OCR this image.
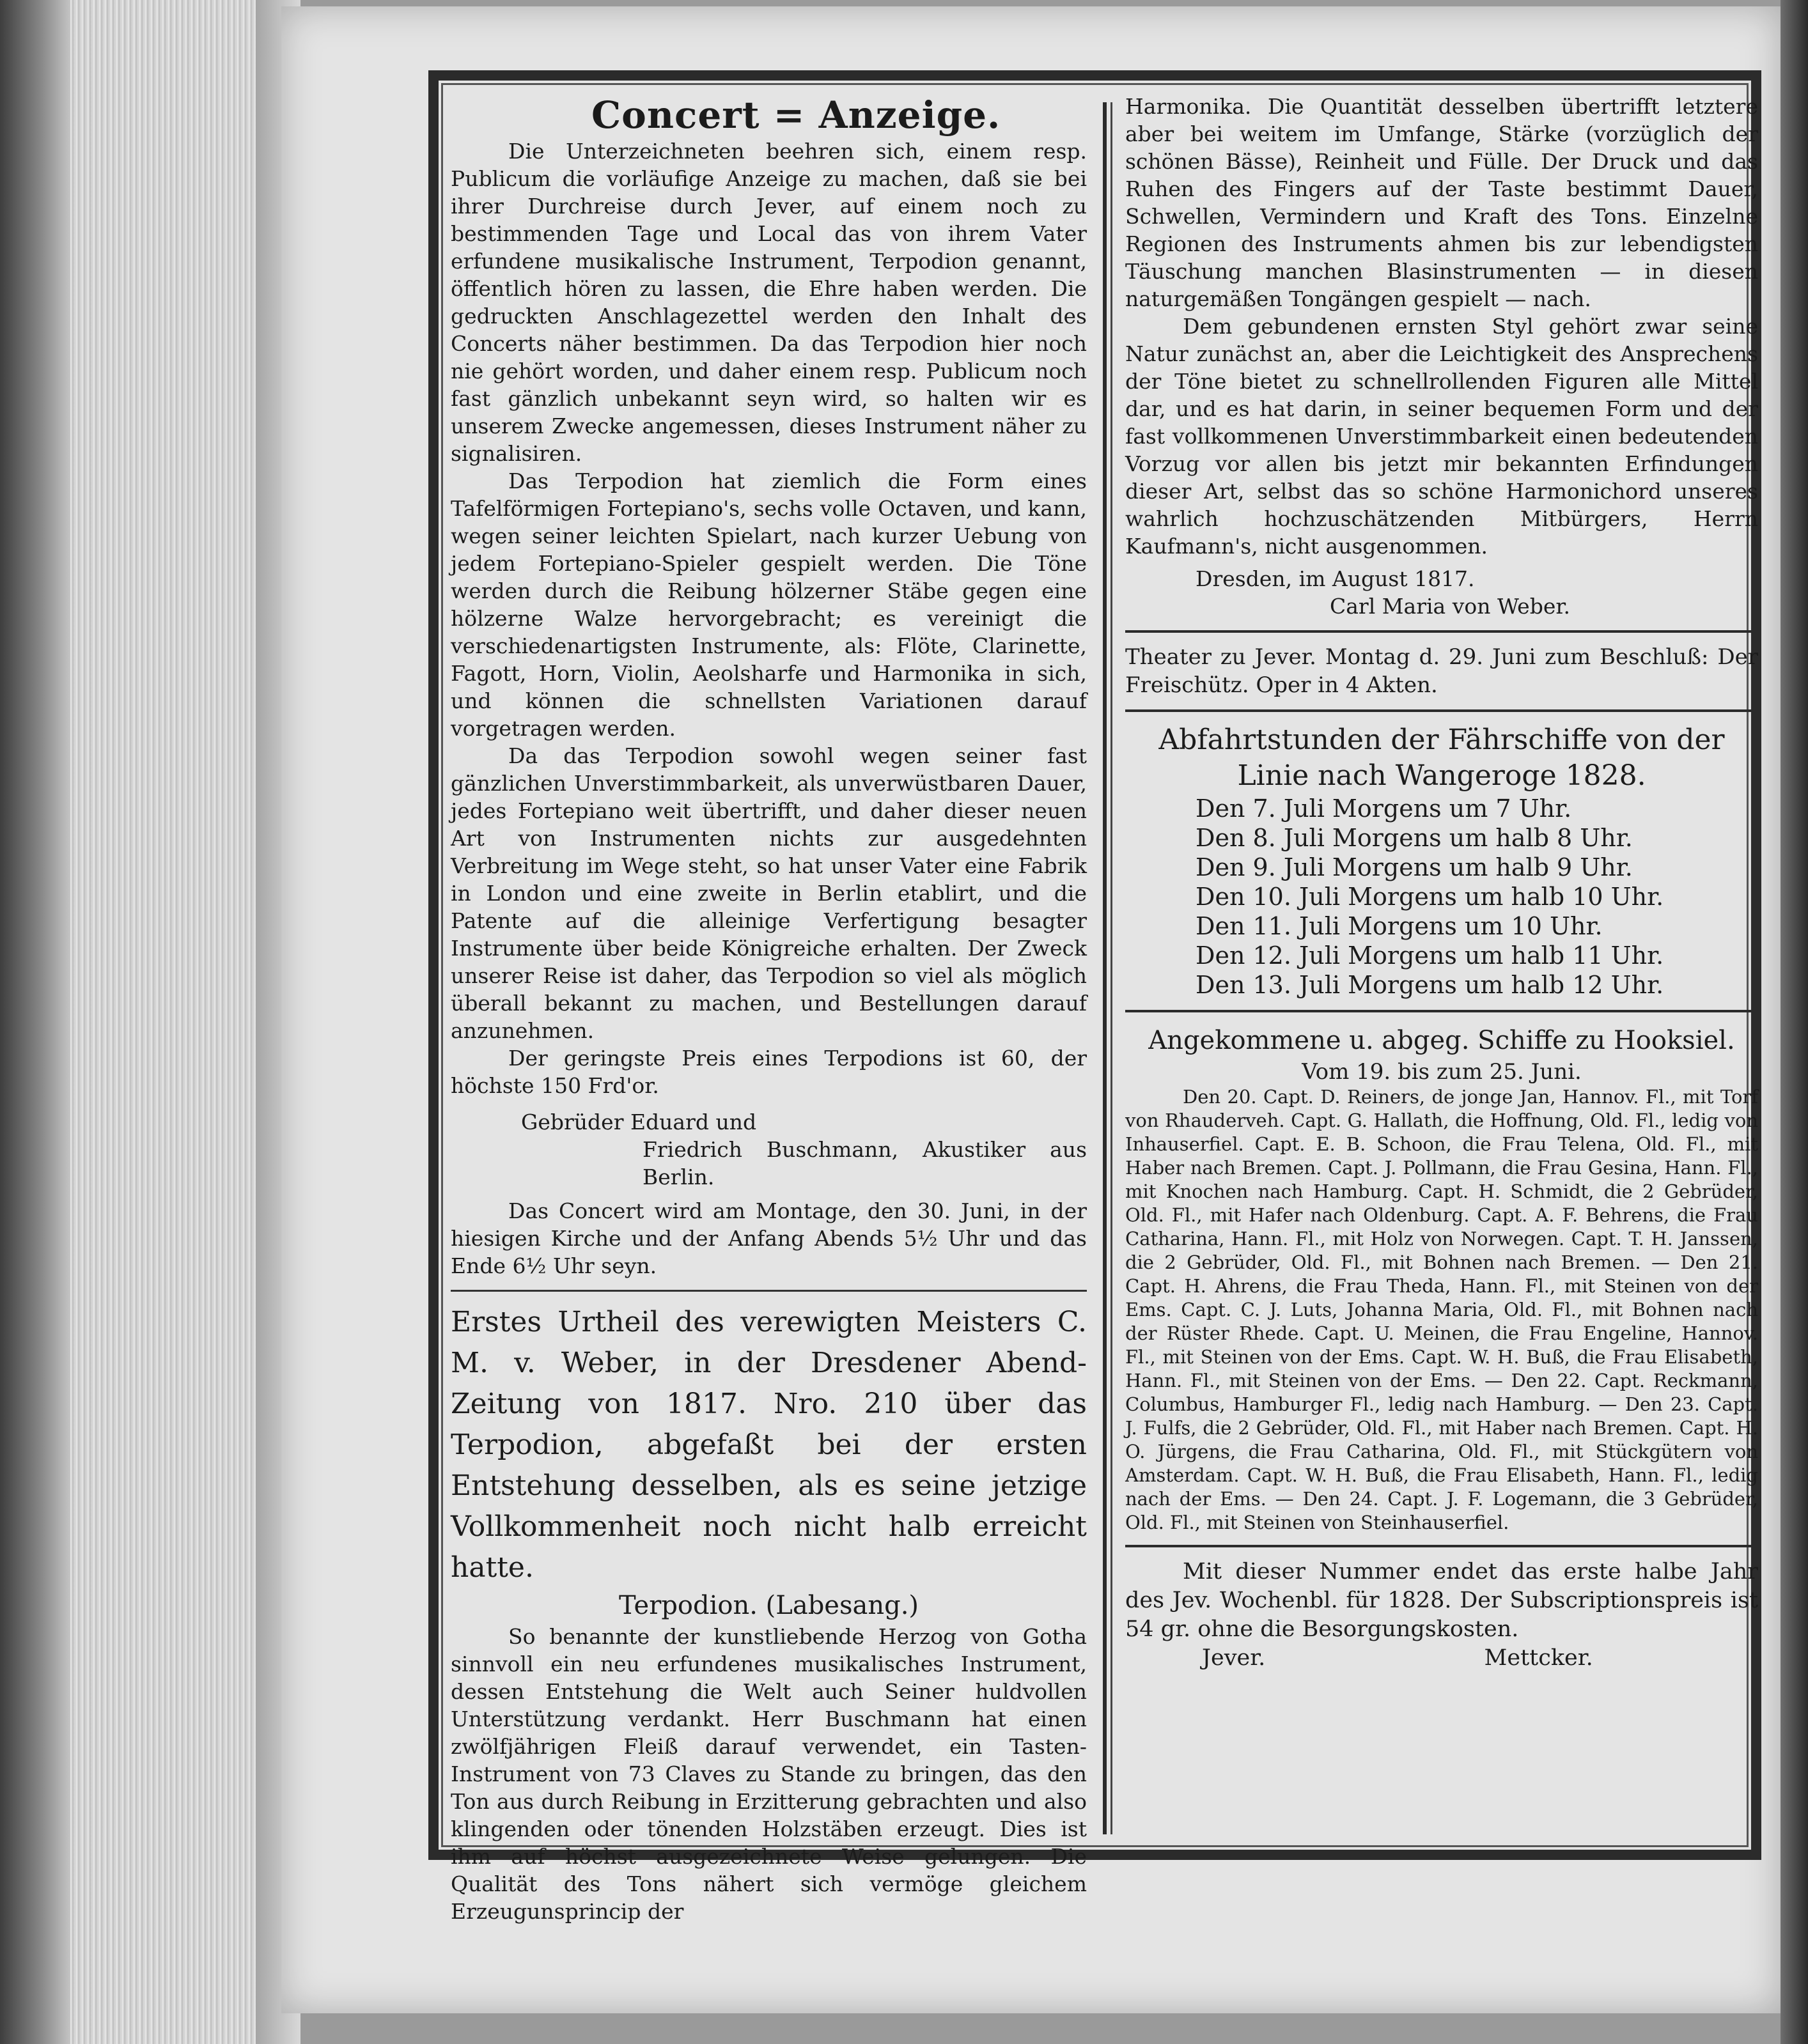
Concert = Anzeige.

Die Unterzeichneten beehren sich, einem resp. Publicum die vorläufige Anzeige zu machen, daß sie bei ihrer Durchreise durch Jever, auf einem noch zu bestimmenden Tage und Local das von ihrem Vater erfundene musikalische Instrument, Terpodion genannt, öffentlich hören zu lassen, die Ehre haben werden. Die gedruckten Anschlagezettel werden den Inhalt des Concerts näher bestimmen. Da das Terpodion hier noch nie gehört worden, und daher einem resp. Publicum noch fast gänzlich unbekannt seyn wird, so halten wir es unserem Zwecke angemessen, dieses Instrument näher zu signalisiren.

Das Terpodion hat ziemlich die Form eines Tafelförmigen Fortepiano's, sechs volle Octaven, und kann, wegen seiner leichten Spielart, nach kurzer Uebung von jedem Fortepiano-Spieler gespielt werden. Die Töne werden durch die Reibung hölzerner Stäbe gegen eine hölzerne Walze hervorgebracht; es vereinigt die verschiedenartigsten Instrumente, als: Flöte, Clarinette, Fagott, Horn, Violin, Aeolsharfe und Harmonika in sich, und können die schnellsten Variationen darauf vorgetragen werden.

Da das Terpodion sowohl wegen seiner fast gänzlichen Unverstimmbarkeit, als unverwüstbaren Dauer, jedes Fortepiano weit übertrifft, und daher dieser neuen Art von Instrumenten nichts zur ausgedehnten Verbreitung im Wege steht, so hat unser Vater eine Fabrik in London und eine zweite in Berlin etablirt, und die Patente auf die alleinige Verfertigung besagter Instrumente über beide Königreiche erhalten. Der Zweck unserer Reise ist daher, das Terpodion so viel als möglich überall bekannt zu machen, und Bestellungen darauf anzunehmen.

Der geringste Preis eines Terpodions ist 60, der höchste 150 Frd'or.

Gebrüder Eduard und

Friedrich Buschmann, Akustiker aus Berlin.

Das Concert wird am Montage, den 30. Juni, in der hiesigen Kirche und der Anfang Abends 5½ Uhr und das Ende 6½ Uhr seyn.

Erstes Urtheil des verewigten Meisters C. M. v. Weber, in der Dresdener Abend-Zeitung von 1817. Nro. 210 über das Terpodion, abgefaßt bei der ersten Entstehung desselben, als es seine jetzige Vollkommenheit noch nicht halb erreicht hatte.

Terpodion. (Labesang.)

So benannte der kunstliebende Herzog von Gotha sinnvoll ein neu erfundenes musikalisches Instrument, dessen Entstehung die Welt auch Seiner huldvollen Unterstützung verdankt. Herr Buschmann hat einen zwölfjährigen Fleiß darauf verwendet, ein Tasten-Instrument von 73 Claves zu Stande zu bringen, das den Ton aus durch Reibung in Erzitterung gebrachten und also klingenden oder tönenden Holzstäben erzeugt. Dies ist ihm auf höchst ausgezeichnete Weise gelungen. Die Qualität des Tons nähert sich vermöge gleichem Erzeugunsprincip der

Harmonika. Die Quantität desselben übertrifft letztere aber bei weitem im Umfange, Stärke (vorzüglich der schönen Bässe), Reinheit und Fülle. Der Druck und das Ruhen des Fingers auf der Taste bestimmt Dauer, Schwellen, Vermindern und Kraft des Tons. Einzelne Regionen des Instruments ahmen bis zur lebendigsten Täuschung manchen Blasinstrumenten — in diesen naturgemäßen Tongängen gespielt — nach.

Dem gebundenen ernsten Styl gehört zwar seine Natur zunächst an, aber die Leichtigkeit des Ansprechens der Töne bietet zu schnellrollenden Figuren alle Mittel dar, und es hat darin, in seiner bequemen Form und der fast vollkommenen Unverstimmbarkeit einen bedeutenden Vorzug vor allen bis jetzt mir bekannten Erfindungen dieser Art, selbst das so schöne Harmonichord unseres wahrlich hochzuschätzenden Mitbürgers, Herrn Kaufmann's, nicht ausgenommen.

Dresden, im August 1817.

Carl Maria von Weber.

Theater zu Jever. Montag d. 29. Juni zum Beschluß: Der Freischütz. Oper in 4 Akten.

Abfahrtstunden der Fährschiffe von der
Linie nach Wangeroge 1828.
Den 7. Juli Morgens um 7 Uhr.
Den 8. Juli Morgens um halb 8 Uhr.
Den 9. Juli Morgens um halb 9 Uhr.
Den 10. Juli Morgens um halb 10 Uhr.
Den 11. Juli Morgens um 10 Uhr.
Den 12. Juli Morgens um halb 11 Uhr.
Den 13. Juli Morgens um halb 12 Uhr.
Angekommene u. abgeg. Schiffe zu Hooksiel.

Vom 19. bis zum 25. Juni.

Den 20. Capt. D. Reiners, de jonge Jan, Hannov. Fl., mit Torf von Rhauderveh. Capt. G. Hallath, die Hoffnung, Old. Fl., ledig von Inhauserfiel. Capt. E. B. Schoon, die Frau Telena, Old. Fl., mit Haber nach Bremen. Capt. J. Pollmann, die Frau Gesina, Hann. Fl., mit Knochen nach Hamburg. Capt. H. Schmidt, die 2 Gebrüder, Old. Fl., mit Hafer nach Oldenburg. Capt. A. F. Behrens, die Frau Catharina, Hann. Fl., mit Holz von Norwegen. Capt. T. H. Janssen, die 2 Gebrüder, Old. Fl., mit Bohnen nach Bremen. — Den 21. Capt. H. Ahrens, die Frau Theda, Hann. Fl., mit Steinen von der Ems. Capt. C. J. Luts, Johanna Maria, Old. Fl., mit Bohnen nach der Rüster Rhede. Capt. U. Meinen, die Frau Engeline, Hannov. Fl., mit Steinen von der Ems. Capt. W. H. Buß, die Frau Elisabeth, Hann. Fl., mit Steinen von der Ems. — Den 22. Capt. Reckmann, Columbus, Hamburger Fl., ledig nach Hamburg. — Den 23. Capt. J. Fulfs, die 2 Gebrüder, Old. Fl., mit Haber nach Bremen. Capt. H. O. Jürgens, die Frau Catharina, Old. Fl., mit Stückgütern von Amsterdam. Capt. W. H. Buß, die Frau Elisabeth, Hann. Fl., ledig nach der Ems. — Den 24. Capt. J. F. Logemann, die 3 Gebrüder, Old. Fl., mit Steinen von Steinhauserfiel.

Mit dieser Nummer endet das erste halbe Jahr des Jev. Wochenbl. für 1828. Der Subscriptionspreis ist 54 gr. ohne die Besorgungskosten.

Jever.	Mettcker.
